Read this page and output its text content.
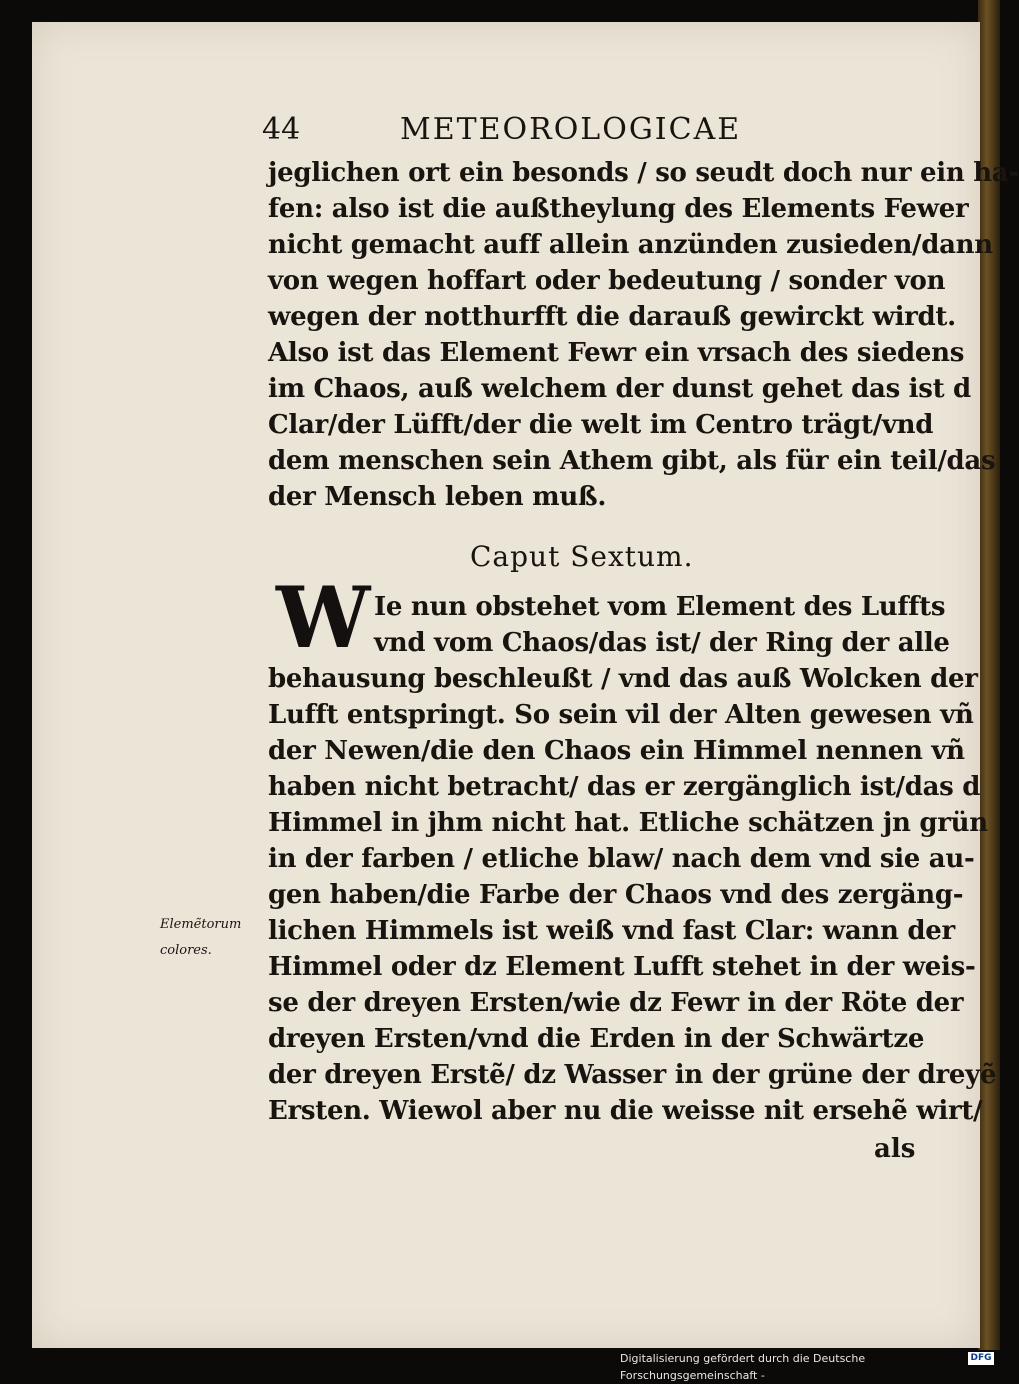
44	METEOROLOGICAE
jeglichen ort ein besonds / so seudt doch nur ein ha-
fen: also ist die außtheylung des Elements Fewer
nicht gemacht auff allein anzünden zusieden/dann
von wegen hoffart oder bedeutung / sonder von
wegen der notthurfft die darauß gewirckt wirdt.
Also ist das Element Fewr ein vrsach des siedens
im Chaos, auß welchem der dunst gehet das ist d
Clar/der Lüfft/der die welt im Centro trägt/vnd
dem menschen sein Athem gibt, als für ein teil/das
der Mensch leben muß.
Caput Sextum.
W Ie nun obstehet vom Element des Luffts
vnd vom Chaos/das ist/ der Ring der alle
behausung beschleußt / vnd das auß Wolcken der
Lufft entspringt. So sein vil der Alten gewesen vñ
der Newen/die den Chaos ein Himmel nennen vñ
haben nicht betracht/ das er zergänglich ist/das d
Himmel in jhm nicht hat. Etliche schätzen jn grün
in der farben / etliche blaw/ nach dem vnd sie au-
gen haben/die Farbe der Chaos vnd des zergäng-
lichen Himmels ist weiß vnd fast Clar: wann der
Himmel oder dz Element Lufft stehet in der weis-
se der dreyen Ersten/wie dz Fewr in der Röte der
dreyen Ersten/vnd die Erden in der Schwärtze
der dreyen Erstẽ/ dz Wasser in der grüne der dreyẽ
Ersten. Wiewol aber nu die weisse nit ersehẽ wirt/
als
Elemẽtorum
colores.
Digitalisierung gefördert durch die Deutsche Forschungsgemeinschaft -
DFG
